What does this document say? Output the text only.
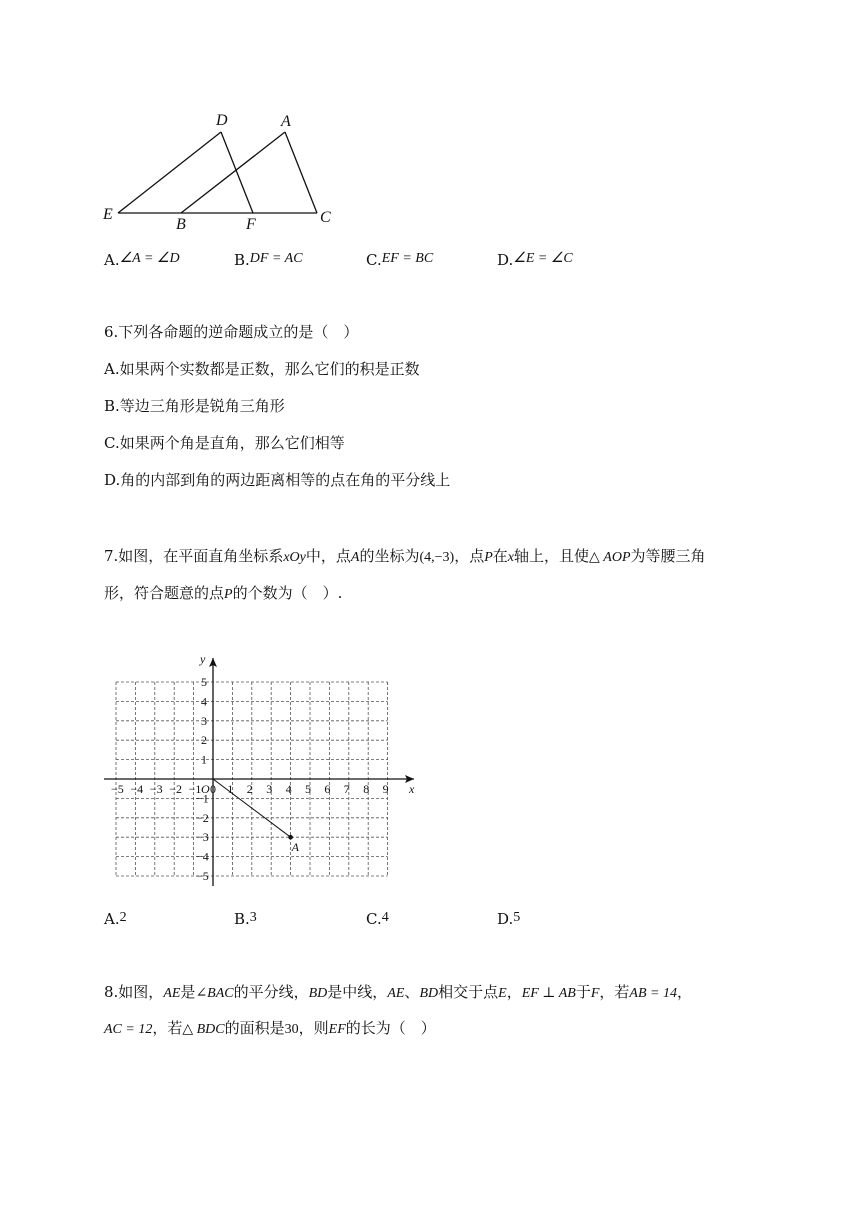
D	A
E
B	F	C
A.∠A = ∠D	B.DF = AC	C.EF = BC	D.∠E = ∠C
6.下列各命题的逆命题成立的是（　）
A.如果两个实数都是正数，那么它们的积是正数
B.等边三角形是锐角三角形
C.如果两个角是直角，那么它们相等
D.角的内部到角的两边距离相等的点在角的平分线上
7.如图，在平面直角坐标系xOy中，点A的坐标为(4,−3)，点P在x轴上，且使△ AOP为等腰三角
形，符合题意的点P的个数为（　）.
−5 −4 −3 −2 −1 0 1 2 3 4 5 6 7 8 9
5
4
3
2
1
−1
−2
−3
−4
−5
x
y
O
A
A.2	B.3	C.4	D.5
8.如图，AE是∠BAC的平分线，BD是中线，AE、BD相交于点E，EF ⊥ AB于F，若AB = 14，
AC = 12，若△ BDC的面积是30，则EF的长为（　）
